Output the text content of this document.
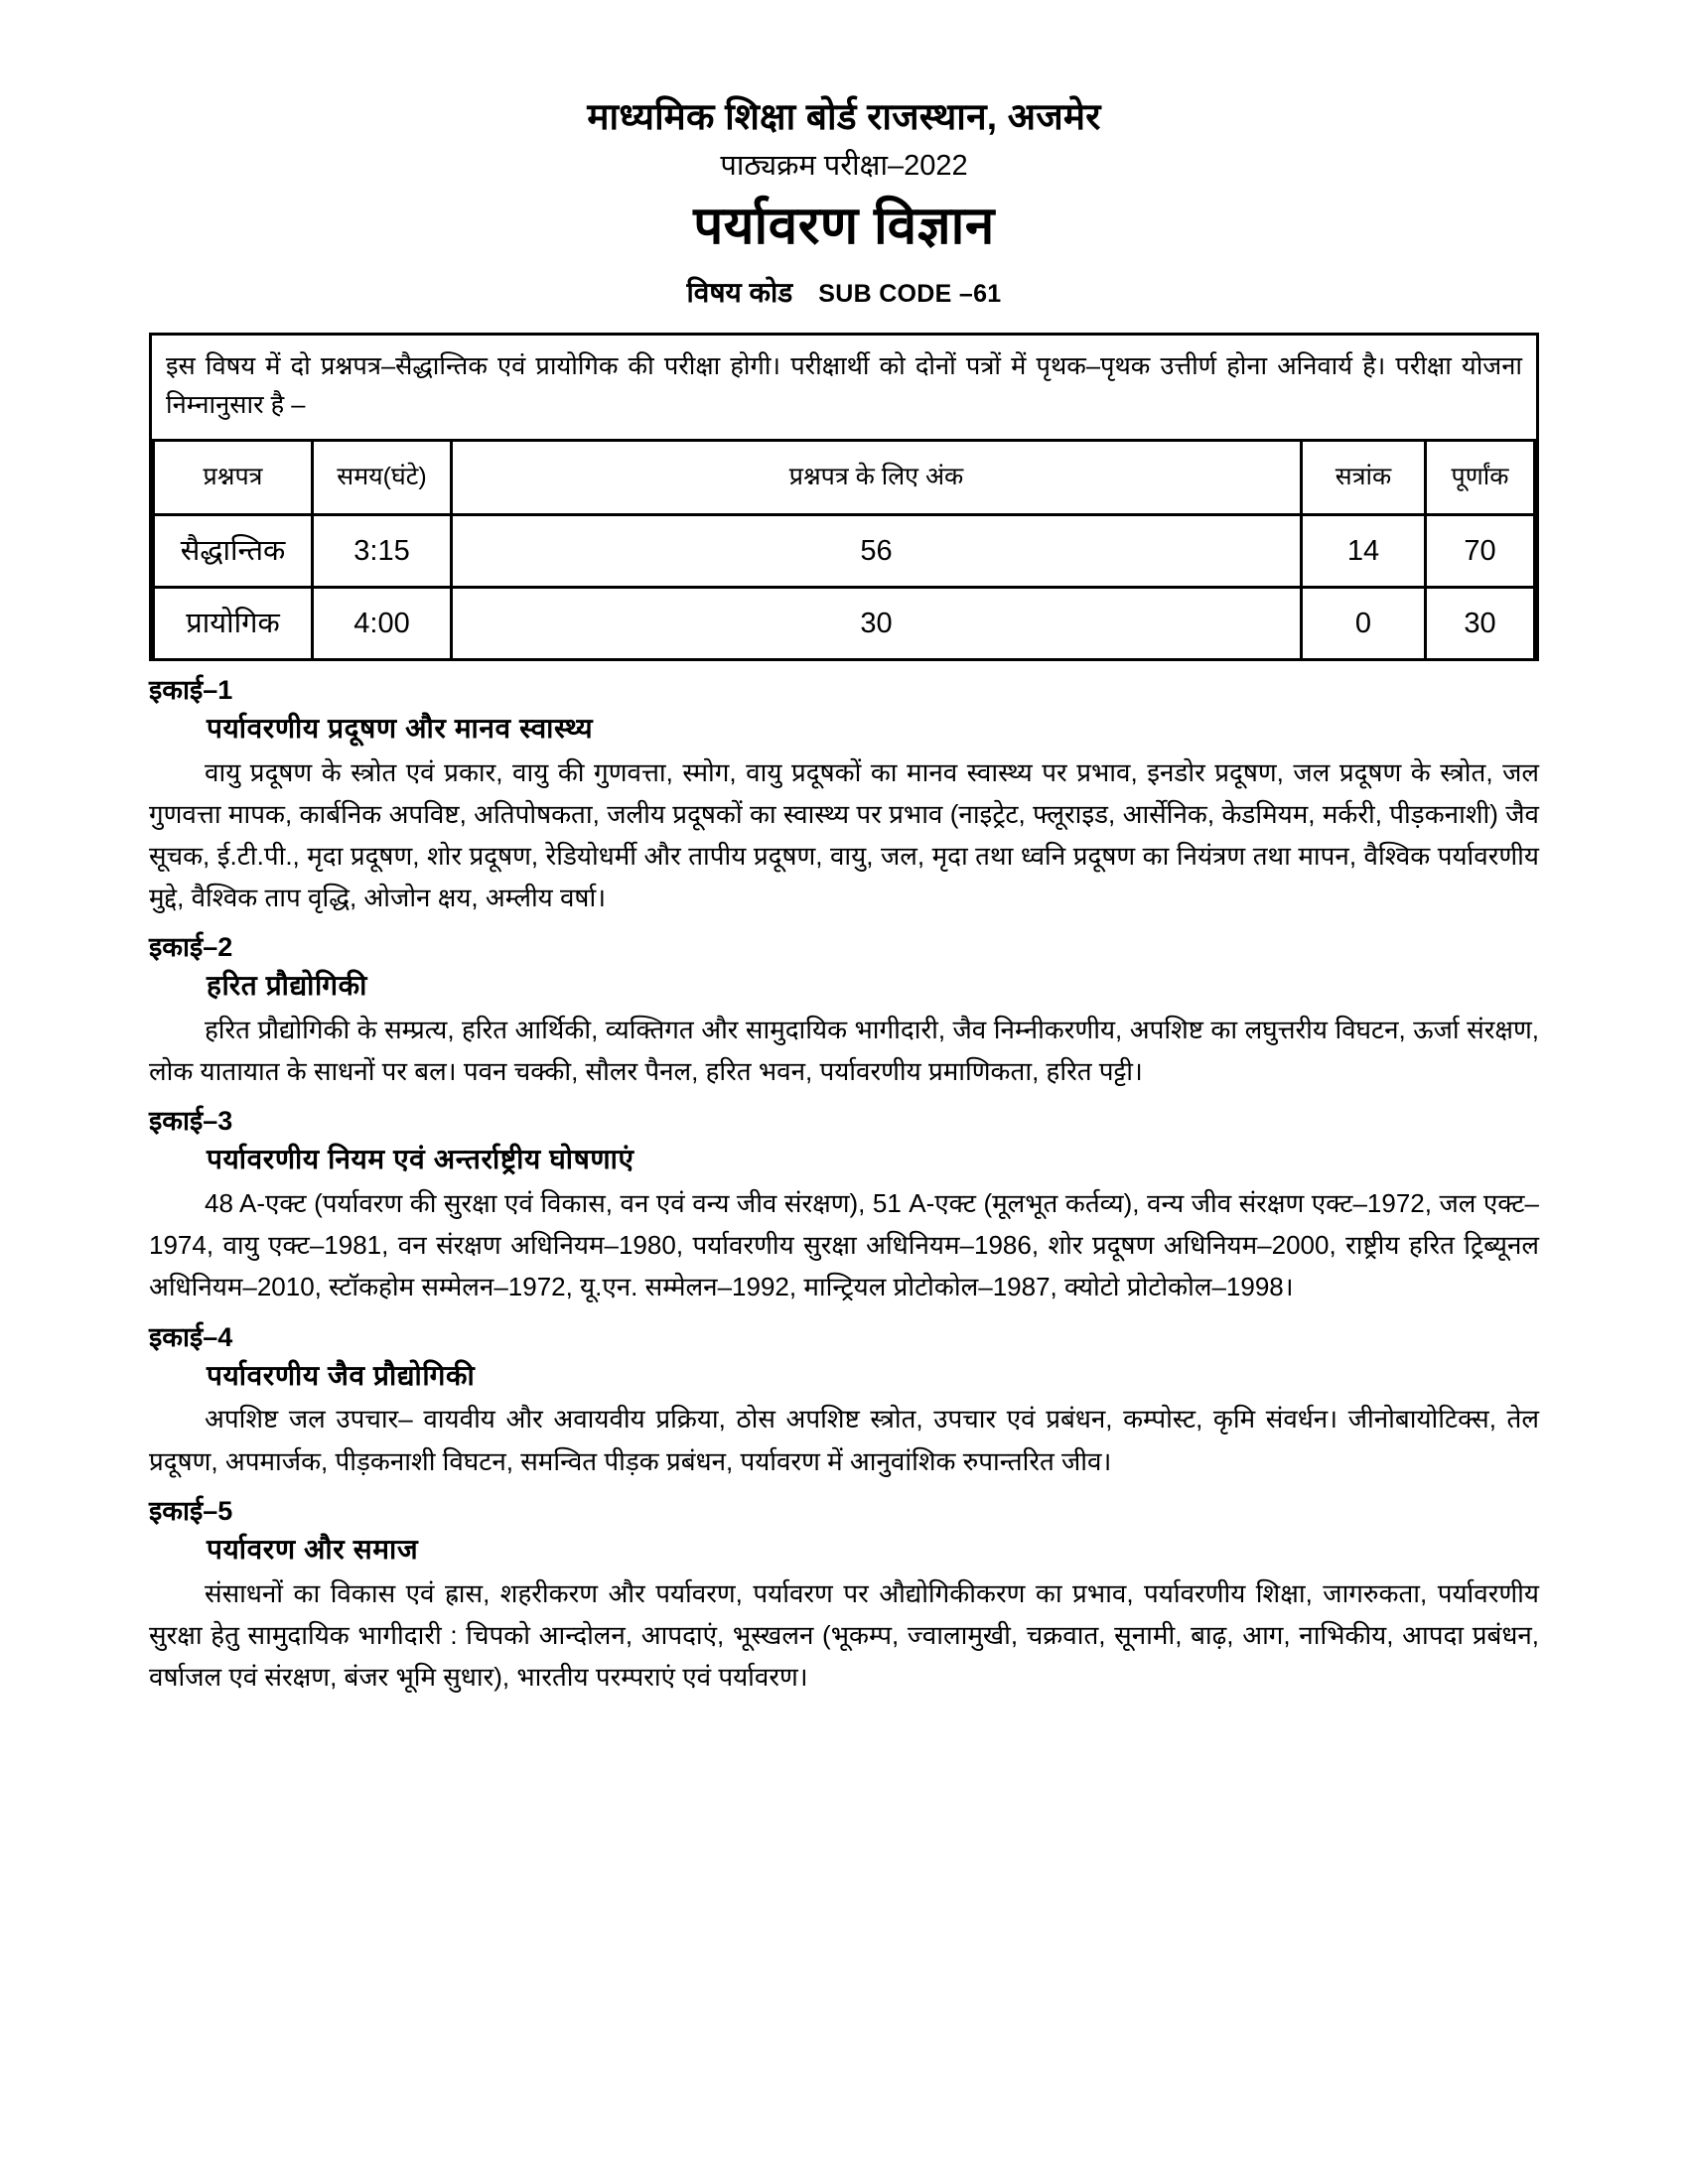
माध्यमिक शिक्षा बोर्ड राजस्थान, अजमेर
पाठ्यक्रम परीक्षा–2022
पर्यावरण विज्ञान
विषय कोड SUB CODE –61
इस विषय में दो प्रश्नपत्र–सैद्धान्तिक एवं प्रायोगिक की परीक्षा होगी। परीक्षार्थी को दोनों पत्रों में पृथक–पृथक उत्तीर्ण होना अनिवार्य है। परीक्षा योजना निम्नानुसार है –
प्रश्नपत्र	समय(घंटे)	प्रश्नपत्र के लिए अंक	सत्रांक	पूर्णांक
सैद्धान्तिक	3:15	56	14	70
प्रायोगिक	4:00	30	0	30
इकाई–1
पर्यावरणीय प्रदूषण और मानव स्वास्थ्य
वायु प्रदूषण के स्त्रोत एवं प्रकार, वायु की गुणवत्ता, स्मोग, वायु प्रदूषकों का मानव स्वास्थ्य पर प्रभाव, इनडोर प्रदूषण, जल प्रदूषण के स्त्रोत, जल गुणवत्ता मापक, कार्बनिक अपविष्ट, अतिपोषकता, जलीय प्रदूषकों का स्वास्थ्य पर प्रभाव (नाइट्रेट, फ्लूराइड, आर्सेनिक, केडमियम, मर्करी, पीड़कनाशी) जैव सूचक, ई.टी.पी., मृदा प्रदूषण, शोर प्रदूषण, रेडियोधर्मी और तापीय प्रदूषण, वायु, जल, मृदा तथा ध्वनि प्रदूषण का नियंत्रण तथा मापन, वैश्विक पर्यावरणीय मुद्दे, वैश्विक ताप वृद्धि, ओजोन क्षय, अम्लीय वर्षा।
इकाई–2
हरित प्रौद्योगिकी
हरित प्रौद्योगिकी के सम्प्रत्य, हरित आर्थिकी, व्यक्तिगत और सामुदायिक भागीदारी, जैव निम्नीकरणीय, अपशिष्ट का लघुत्तरीय विघटन, ऊर्जा संरक्षण, लोक यातायात के साधनों पर बल। पवन चक्की, सौलर पैनल, हरित भवन, पर्यावरणीय प्रमाणिकता, हरित पट्टी।
इकाई–3
पर्यावरणीय नियम एवं अन्तर्राष्ट्रीय घोषणाएं
48 A-एक्ट (पर्यावरण की सुरक्षा एवं विकास, वन एवं वन्य जीव संरक्षण), 51 A-एक्ट (मूलभूत कर्तव्य), वन्य जीव संरक्षण एक्ट–1972, जल एक्ट–1974, वायु एक्ट–1981, वन संरक्षण अधिनियम–1980, पर्यावरणीय सुरक्षा अधिनियम–1986, शोर प्रदूषण अधिनियम–2000, राष्ट्रीय हरित ट्रिब्यूनल अधिनियम–2010, स्टॉकहोम सम्मेलन–1972, यू.एन. सम्मेलन–1992, मान्ट्रियल प्रोटोकोल–1987, क्योटो प्रोटोकोल–1998।
इकाई–4
पर्यावरणीय जैव प्रौद्योगिकी
अपशिष्ट जल उपचार– वायवीय और अवायवीय प्रक्रिया, ठोस अपशिष्ट स्त्रोत, उपचार एवं प्रबंधन, कम्पोस्ट, कृमि संवर्धन। जीनोबायोटिक्स, तेल प्रदूषण, अपमार्जक, पीड़कनाशी विघटन, समन्वित पीड़क प्रबंधन, पर्यावरण में आनुवांशिक रुपान्तरित जीव।
इकाई–5
पर्यावरण और समाज
संसाधनों का विकास एवं ह्रास, शहरीकरण और पर्यावरण, पर्यावरण पर औद्योगिकीकरण का प्रभाव, पर्यावरणीय शिक्षा, जागरुकता, पर्यावरणीय सुरक्षा हेतु सामुदायिक भागीदारी : चिपको आन्दोलन, आपदाएं, भूस्खलन (भूकम्प, ज्वालामुखी, चक्रवात, सूनामी, बाढ़, आग, नाभिकीय, आपदा प्रबंधन, वर्षाजल एवं संरक्षण, बंजर भूमि सुधार), भारतीय परम्पराएं एवं पर्यावरण।
